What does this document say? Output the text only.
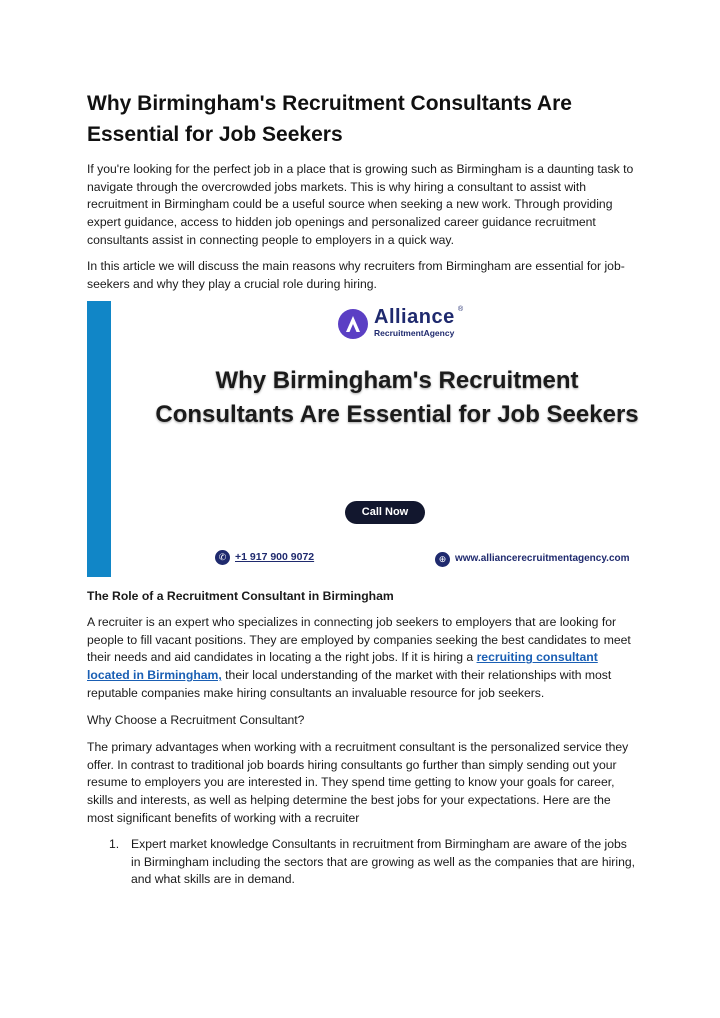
Why Birmingham's Recruitment Consultants Are Essential for Job Seekers

If you're looking for the perfect job in a place that is growing such as Birmingham is a daunting task to navigate through the overcrowded jobs markets. This is why hiring a consultant to assist with recruitment in Birmingham could be a useful source when seeking a new work. Through providing expert guidance, access to hidden job openings and personalized career guidance recruitment consultants assist in connecting people to employers in a quick way.

In this article we will discuss the main reasons why recruiters from Birmingham are essential for job-seekers and why they play a crucial role during hiring.

Alliance ®
RecruitmentAgency
Why Birmingham's Recruitment Consultants Are Essential for Job Seekers
Call Now
✆ +1 917 900 9072	⊕ www.alliancerecruitmentagency.com
The Role of a Recruitment Consultant in Birmingham

A recruiter is an expert who specializes in connecting job seekers to employers that are looking for people to fill vacant positions. They are employed by companies seeking the best candidates to meet their needs and aid candidates in locating a the right jobs. If it is hiring a recruiting consultant located in Birmingham, their local understanding of the market with their relationships with most reputable companies make hiring consultants an invaluable resource for job seekers.

Why Choose a Recruitment Consultant?

The primary advantages when working with a recruitment consultant is the personalized service they offer. In contrast to traditional job boards hiring consultants go further than simply sending out your resume to employers you are interested in. They spend time getting to know your goals for career, skills and interests, as well as helping determine the best jobs for your expectations. Here are the most significant benefits of working with a recruiter

1. Expert market knowledge Consultants in recruitment from Birmingham are aware of the jobs in Birmingham including the sectors that are growing as well as the companies that are hiring, and what skills are in demand.
